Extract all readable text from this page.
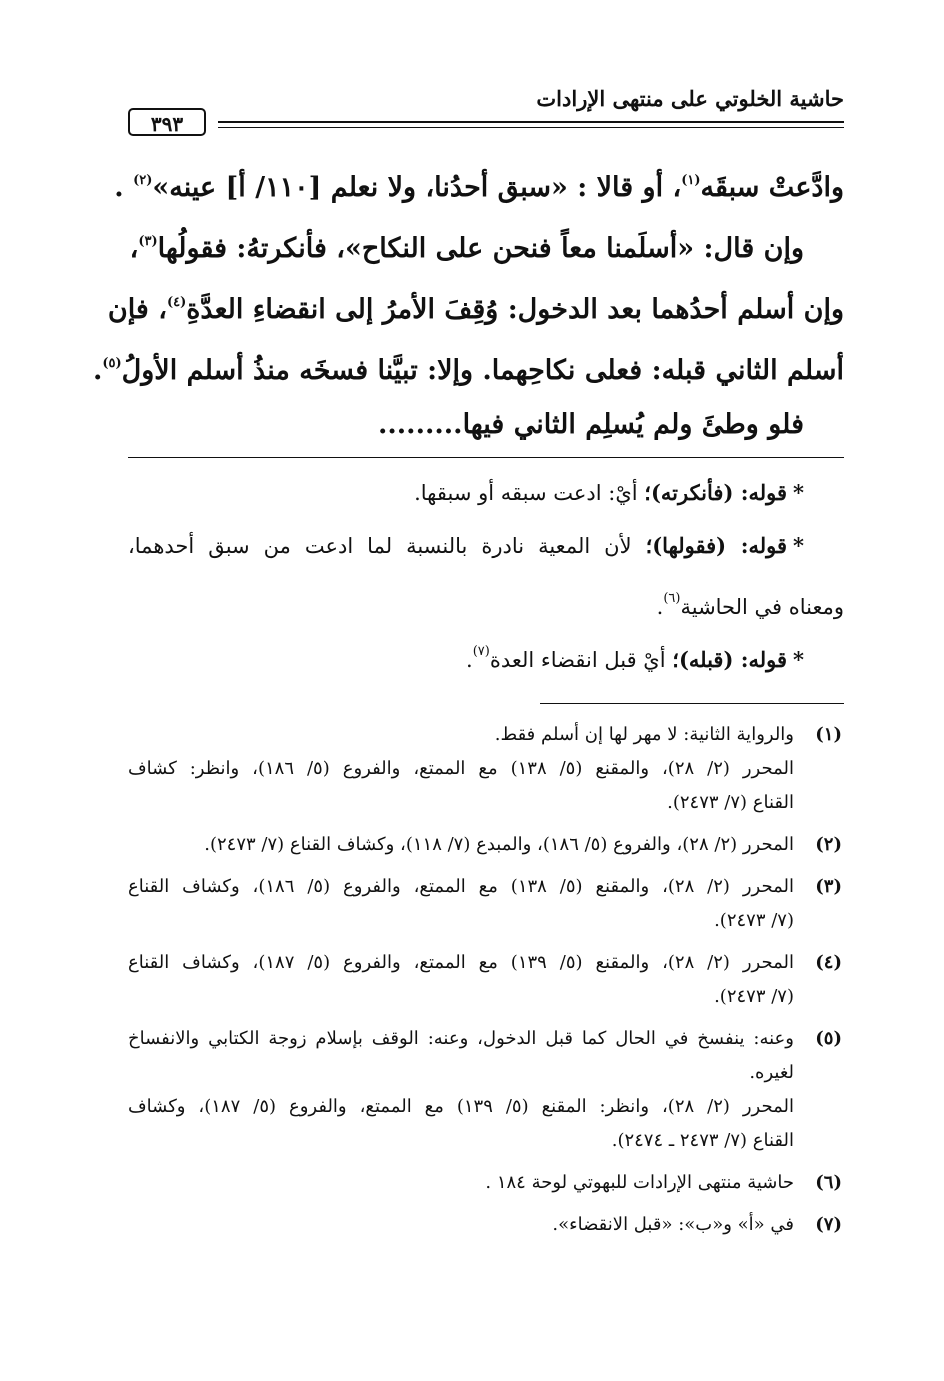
حاشية الخلوتي على منتهى الإرادات
٣٩٣
وادَّعتْ سبقَه$^{(١)}$، أو قالا : «سبق أحدُنا، ولا نعلم [١١٠/ أ] عينه»$^{(٢)}$ .
وإن قال: «أسلَمنا معاً فنحن على النكاح»، فأنكرتهُ: فقولُها$^{(٣)}$،
وإن أسلم أحدُهما بعد الدخول: وُقِفَ الأمرُ إلى انقضاءِ العدَّةِ$^{(٤)}$، فإن
أسلم الثاني قبله: فعلى نكاحِهما. وإلا: تبيَّنا فسخَه منذُ أسلم الأولُ$^{(٥)}$.
فلو وطئَ ولم يُسلِم الثاني فيها.........
*قوله: (فأنكرته)؛ أيْ: ادعت سبقه أو سبقها.
*قوله: (فقولها)؛ لأن المعية نادرة بالنسبة لما ادعت من سبق أحدهما،
ومعناه في الحاشية$^{(٦)}$.
*قوله: (قبله)؛ أيْ قبل انقضاء العدة$^{(٧)}$.
(١)
والرواية الثانية: لا مهر لها إن أسلم فقط.
المحرر (٢/ ٢٨)، والمقنع (٥/ ١٣٨) مع الممتع، والفروع (٥/ ١٨٦)، وانظر: كشاف
القناع (٧/ ٢٤٧٣).
(٢)
المحرر (٢/ ٢٨)، والفروع (٥/ ١٨٦)، والمبدع (٧/ ١١٨)، وكشاف القناع (٧/ ٢٤٧٣).
(٣)
المحرر (٢/ ٢٨)، والمقنع (٥/ ١٣٨) مع الممتع، والفروع (٥/ ١٨٦)، وكشاف القناع
(٧/ ٢٤٧٣).
(٤)
المحرر (٢/ ٢٨)، والمقنع (٥/ ١٣٩) مع الممتع، والفروع (٥/ ١٨٧)، وكشاف القناع
(٧/ ٢٤٧٣).
(٥)
وعنه: ينفسخ في الحال كما قبل الدخول، وعنه: الوقف بإسلام زوجة الكتابي والانفساخ
لغيره.
المحرر (٢/ ٢٨)، وانظر: المقنع (٥/ ١٣٩) مع الممتع، والفروع (٥/ ١٨٧)، وكشاف
القناع (٧/ ٢٤٧٣ ـ ٢٤٧٤).
(٦)
حاشية منتهى الإرادات للبهوتي لوحة ١٨٤ .
(٧)
في «أ» و«ب»: «قبل الانقضاء».
